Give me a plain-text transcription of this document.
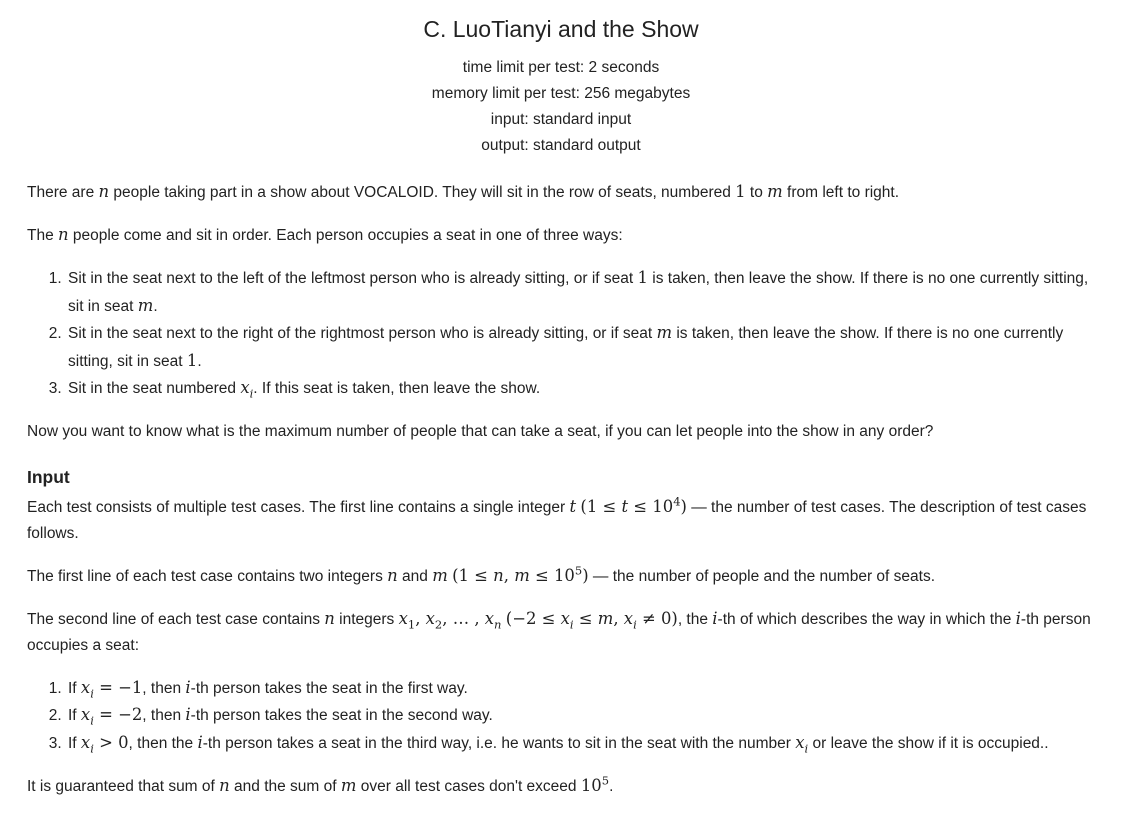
C. LuoTianyi and the Show
time limit per test: 2 seconds
memory limit per test: 256 megabytes
input: standard input
output: standard output

There are n people taking part in a show about VOCALOID. They will sit in the row of seats, numbered 1 to m from left to right.

The n people come and sit in order. Each person occupies a seat in one of three ways:

1. Sit in the seat next to the left of the leftmost person who is already sitting, or if seat 1 is taken, then leave the show. If there is no one currently sitting, sit in seat m.
2. Sit in the seat next to the right of the rightmost person who is already sitting, or if seat m is taken, then leave the show. If there is no one currently sitting, sit in seat 1.
3. Sit in the seat numbered $x_i$. If this seat is taken, then leave the show.

Now you want to know what is the maximum number of people that can take a seat, if you can let people into the show in any order?

Input

Each test consists of multiple test cases. The first line contains a single integer t $(1 \le t \le 10^4)$ — the number of test cases. The description of test cases follows.

The first line of each test case contains two integers n and m (1 ≤ n, $m \le 10^5$) — the number of people and the number of seats.

The second line of each test case contains n integers $x_1$, $x_2$, … , $x_n$ ($-2 \le x_i \le m$, $x_i \ne 0$), the i-th of which describes the way in which the i-th person occupies a seat:

1. If $x_i = -1$, then i-th person takes the seat in the first way.
2. If $x_i = -2$, then i-th person takes the seat in the second way.
3. If $x_i > 0$, then the i-th person takes a seat in the third way, i.e. he wants to sit in the seat with the number $x_i$ or leave the show if it is occupied..

It is guaranteed that sum of n and the sum of m over all test cases don't exceed $10^5$.
